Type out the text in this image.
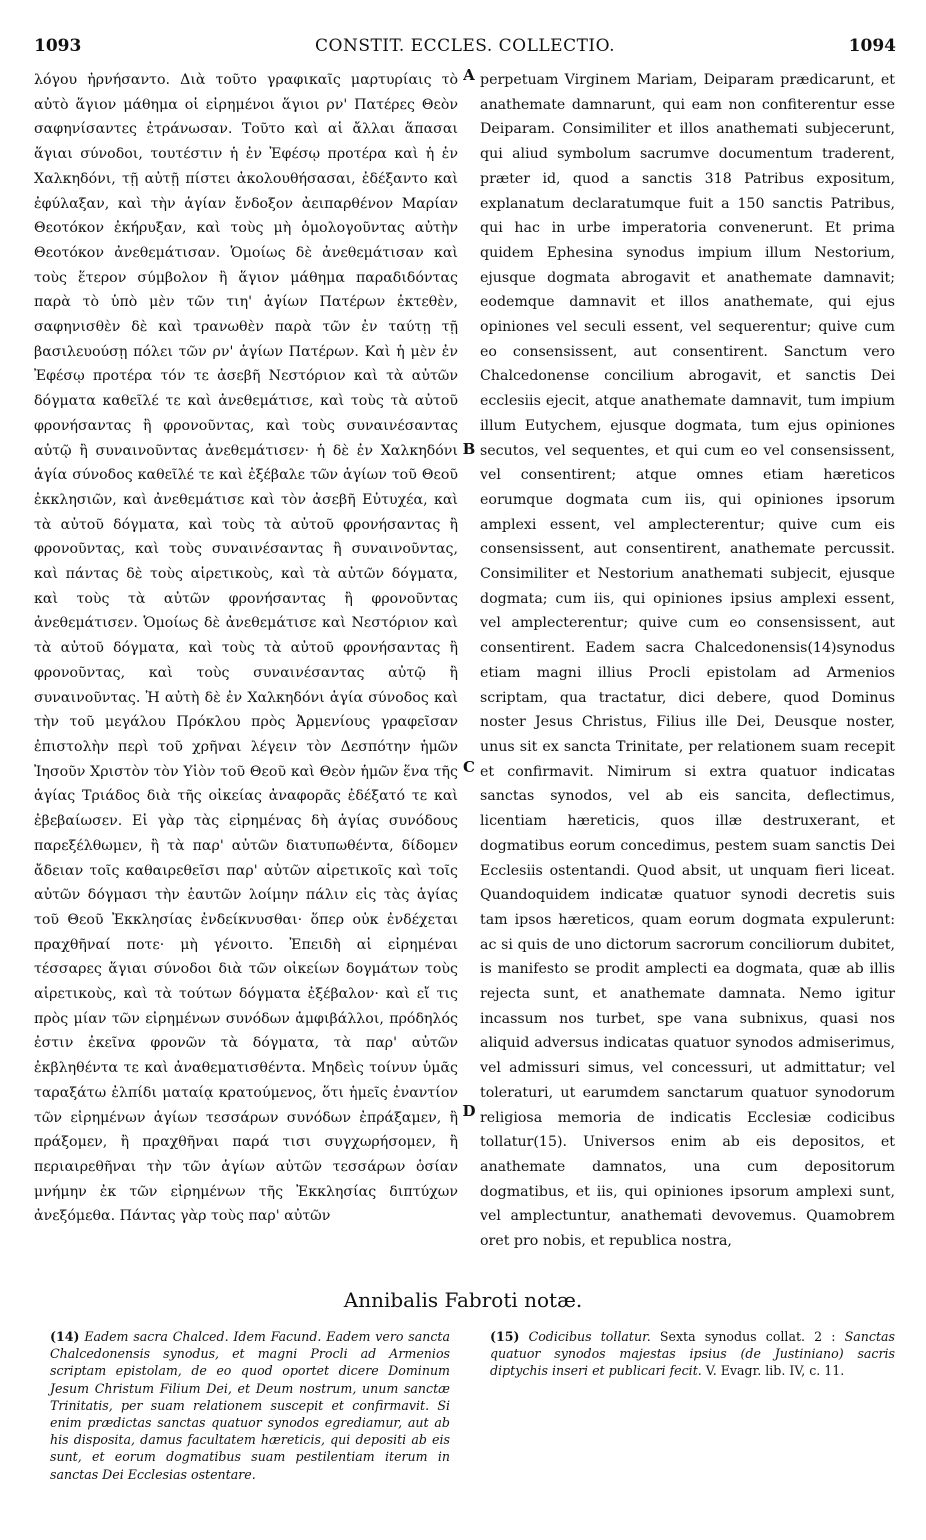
1093	CONSTIT. ECCLES. COLLECTIO.	1094
λόγου ἠρνήσαντο. Διὰ τοῦτο γραφικαῖς μαρτυρίαις τὸ αὐτὸ ἅγιον μάθημα οἱ εἰρημένοι ἅγιοι ρν' Πατέρες Θεὸν σαφηνίσαντες ἐτράνωσαν. Τοῦτο καὶ αἱ ἄλλαι ἅπασαι ἅγιαι σύνοδοι, τουτέστιν ἡ ἐν Ἐφέσῳ προτέρα καὶ ἡ ἐν Χαλκηδόνι, τῇ αὐτῇ πίστει ἀκολουθήσασαι, ἐδέξαντο καὶ ἐφύλαξαν, καὶ τὴν ἁγίαν ἔνδοξον ἀειπαρθένον Μαρίαν Θεοτόκον ἐκήρυξαν, καὶ τοὺς μὴ ὁμολογοῦντας αὐτὴν Θεοτόκον ἀνεθεμάτισαν. Ὁμοίως δὲ ἀνεθεμάτισαν καὶ τοὺς ἕτερον σύμβολον ἢ ἅγιον μάθημα παραδιδόντας παρὰ τὸ ὑπὸ μὲν τῶν τιη' ἁγίων Πατέρων ἐκτεθὲν, σαφηνισθὲν δὲ καὶ τρανωθὲν παρὰ τῶν ἐν ταύτῃ τῇ βασιλευούσῃ πόλει τῶν ρν' ἁγίων Πατέρων. Καὶ ἡ μὲν ἐν Ἐφέσῳ προτέρα τόν τε ἀσεβῆ Νεστόριον καὶ τὰ αὐτῶν δόγματα καθεῖλέ τε καὶ ἀνεθεμάτισε, καὶ τοὺς τὰ αὐτοῦ φρονήσαντας ἢ φρονοῦντας, καὶ τοὺς συναινέσαντας αὐτῷ ἢ συναινοῦντας ἀνεθεμάτισεν· ἡ δὲ ἐν Χαλκηδόνι ἁγία σύνοδος καθεῖλέ τε καὶ ἐξέβαλε τῶν ἁγίων τοῦ Θεοῦ ἐκκλησιῶν, καὶ ἀνεθεμάτισε καὶ τὸν ἀσεβῆ Εὐτυχέα, καὶ τὰ αὐτοῦ δόγματα, καὶ τοὺς τὰ αὐτοῦ φρονήσαντας ἢ φρονοῦντας, καὶ τοὺς συναινέσαντας ἢ συναινοῦντας, καὶ πάντας δὲ τοὺς αἱρετικοὺς, καὶ τὰ αὐτῶν δόγματα, καὶ τοὺς τὰ αὐτῶν φρονήσαντας ἢ φρονοῦντας ἀνεθεμάτισεν. Ὁμοίως δὲ ἀνεθεμάτισε καὶ Νεστόριον καὶ τὰ αὐτοῦ δόγματα, καὶ τοὺς τὰ αὐτοῦ φρονήσαντας ἢ φρονοῦντας, καὶ τοὺς συναινέσαντας αὐτῷ ἢ συναινοῦντας. Ἡ αὐτὴ δὲ ἐν Χαλκηδόνι ἁγία σύνοδος καὶ τὴν τοῦ μεγάλου Πρόκλου πρὸς Ἀρμενίους γραφεῖσαν ἐπιστολὴν περὶ τοῦ χρῆναι λέγειν τὸν Δεσπότην ἡμῶν Ἰησοῦν Χριστὸν τὸν Υἱὸν τοῦ Θεοῦ καὶ Θεὸν ἡμῶν ἕνα τῆς ἁγίας Τριάδος διὰ τῆς οἰκείας ἀναφορᾶς ἐδέξατό τε καὶ ἐβεβαίωσεν. Εἰ γὰρ τὰς εἰρημένας δὴ ἁγίας συνόδους παρεξέλθωμεν, ἢ τὰ παρ' αὐτῶν διατυπωθέντα, δίδομεν ἄδειαν τοῖς καθαιρεθεῖσι παρ' αὐτῶν αἱρετικοῖς καὶ τοῖς αὐτῶν δόγμασι τὴν ἑαυτῶν λοίμην πάλιν εἰς τὰς ἁγίας τοῦ Θεοῦ Ἐκκλησίας ἐνδείκνυσθαι· ὅπερ οὐκ ἐνδέχεται πραχθῆναί ποτε· μὴ γένοιτο. Ἐπειδὴ αἱ εἰρημέναι τέσσαρες ἅγιαι σύνοδοι διὰ τῶν οἰκείων δογμάτων τοὺς αἱρετικοὺς, καὶ τὰ τούτων δόγματα ἐξέβαλον· καὶ εἴ τις πρὸς μίαν τῶν εἰρημένων συνόδων ἀμφιβάλλοι, πρόδηλός ἐστιν ἐκεῖνα φρονῶν τὰ δόγματα, τὰ παρ' αὐτῶν ἐκβληθέντα τε καὶ ἀναθεματισθέντα. Μηδεὶς τοίνυν ὑμᾶς ταραξάτω ἐλπίδι ματαίᾳ κρατούμενος, ὅτι ἡμεῖς ἐναντίον τῶν εἰρημένων ἁγίων τεσσάρων συνόδων ἐπράξαμεν, ἢ πράξομεν, ἢ πραχθῆναι παρά τισι συγχωρήσομεν, ἢ περιαιρεθῆναι τὴν τῶν ἁγίων αὐτῶν τεσσάρων ὁσίαν μνήμην ἐκ τῶν εἰρημένων τῆς Ἐκκλησίας διπτύχων ἀνεξόμεθα. Πάντας γὰρ τοὺς παρ' αὐτῶν
A
B
C
D
perpetuam Virginem Mariam, Deiparam prædicarunt, et anathemate damnarunt, qui eam non confiterentur esse Deiparam. Consimiliter et illos anathemati subjecerunt, qui aliud symbolum sacrumve documentum traderent, præter id, quod a sanctis 318 Patribus expositum, explanatum declaratumque fuit a 150 sanctis Patribus, qui hac in urbe imperatoria convenerunt. Et prima quidem Ephesina synodus impium illum Nestorium, ejusque dogmata abrogavit et anathemate damnavit; eodemque damnavit et illos anathemate, qui ejus opiniones vel seculi essent, vel sequerentur; quive cum eo consensissent, aut consentirent. Sanctum vero Chalcedonense concilium abrogavit, et sanctis Dei ecclesiis ejecit, atque anathemate damnavit, tum impium illum Eutychem, ejusque dogmata, tum ejus opiniones secutos, vel sequentes, et qui cum eo vel consensissent, vel consentirent; atque omnes etiam hæreticos eorumque dogmata cum iis, qui opiniones ipsorum amplexi essent, vel amplecterentur; quive cum eis consensissent, aut consentirent, anathemate percussit. Consimiliter et Nestorium anathemati subjecit, ejusque dogmata; cum iis, qui opiniones ipsius amplexi essent, vel amplecterentur; quive cum eo consensissent, aut consentirent. Eadem sacra Chalcedonensis(14)synodus etiam magni illius Procli epistolam ad Armenios scriptam, qua tractatur, dici debere, quod Dominus noster Jesus Christus, Filius ille Dei, Deusque noster, unus sit ex sancta Trinitate, per relationem suam recepit et confirmavit. Nimirum si extra quatuor indicatas sanctas synodos, vel ab eis sancita, deflectimus, licentiam hæreticis, quos illæ destruxerant, et dogmatibus eorum concedimus, pestem suam sanctis Dei Ecclesiis ostentandi. Quod absit, ut unquam fieri liceat. Quandoquidem indicatæ quatuor synodi decretis suis tam ipsos hæreticos, quam eorum dogmata expulerunt: ac si quis de uno dictorum sacrorum conciliorum dubitet, is manifesto se prodit amplecti ea dogmata, quæ ab illis rejecta sunt, et anathemate damnata. Nemo igitur incassum nos turbet, spe vana subnixus, quasi nos aliquid adversus indicatas quatuor synodos admiserimus, vel admissuri simus, vel concessuri, ut admittatur; vel toleraturi, ut earumdem sanctarum quatuor synodorum religiosa memoria de indicatis Ecclesiæ codicibus tollatur(15). Universos enim ab eis depositos, et anathemate damnatos, una cum depositorum dogmatibus, et iis, qui opiniones ipsorum amplexi sunt, vel amplectuntur, anathemati devovemus. Quamobrem oret pro nobis, et republica nostra,
Annibalis Fabroti notæ.
(14) Eadem sacra Chalced. Idem Facund. Eadem vero sancta Chalcedonensis synodus, et magni Procli ad Armenios scriptam epistolam, de eo quod oportet dicere Dominum Jesum Christum Filium Dei, et Deum nostrum, unum sanctæ Trinitatis, per suam relationem suscepit et confirmavit. Si enim prædictas sanctas quatuor synodos egrediamur, aut ab his disposita, damus facultatem hæreticis, qui depositi ab eis sunt, et eorum dogmatibus suam pestilentiam iterum in sanctas Dei Ecclesias ostentare.
(15) Codicibus tollatur. Sexta synodus collat. 2 : Sanctas quatuor synodos majestas ipsius (de Justiniano) sacris diptychis inseri et publicari fecit. V. Evagr. lib. IV, c. 11.
